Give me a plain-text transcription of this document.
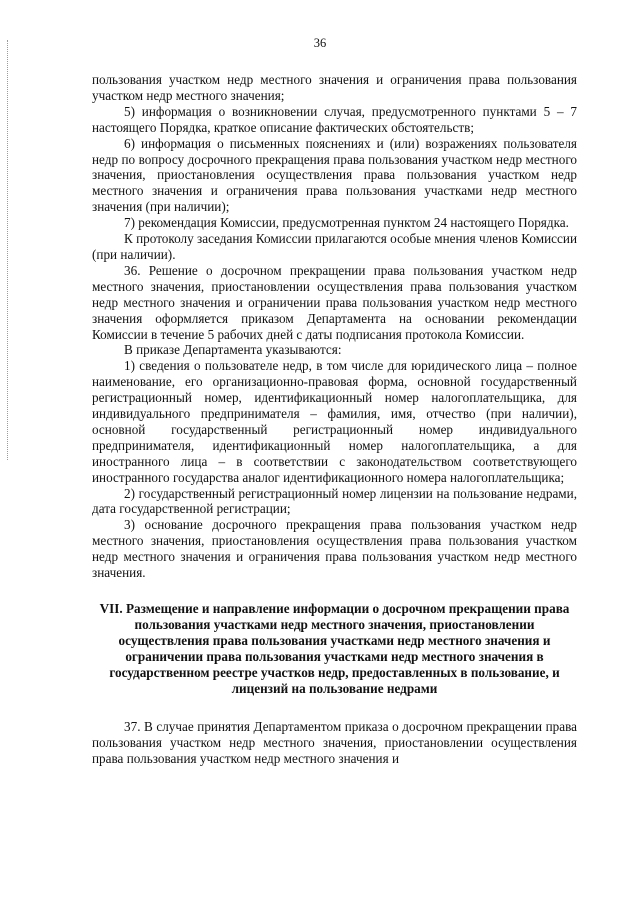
36

пользования участком недр местного значения и ограничения права пользования участком недр местного значения;

5) информация о возникновении случая, предусмотренного пунктами 5 – 7 настоящего Порядка, краткое описание фактических обстоятельств;

6) информация о письменных пояснениях и (или) возражениях пользователя недр по вопросу досрочного прекращения права пользования участком недр местного значения, приостановления осуществления права пользования участком недр местного значения и ограничения права пользования участками недр местного значения (при наличии);

7) рекомендация Комиссии, предусмотренная пунктом 24 настоящего Порядка.

К протоколу заседания Комиссии прилагаются особые мнения членов Комиссии (при наличии).

36. Решение о досрочном прекращении права пользования участком недр местного значения, приостановлении осуществления права пользования участком недр местного значения и ограничении права пользования участком недр местного значения оформляется приказом Департамента на основании рекомендации Комиссии в течение 5 рабочих дней с даты подписания протокола Комиссии.

В приказе Департамента указываются:

1) сведения о пользователе недр, в том числе для юридического лица – полное наименование, его организационно-правовая форма, основной государственный регистрационный номер, идентификационный номер налогоплательщика, для индивидуального предпринимателя – фамилия, имя, отчество (при наличии), основной государственный регистрационный номер индивидуального предпринимателя, идентификационный номер налогоплательщика, а для иностранного лица – в соответствии с законодательством соответствующего иностранного государства аналог идентификационного номера налогоплательщика;

2) государственный регистрационный номер лицензии на пользование недрами, дата государственной регистрации;

3) основание досрочного прекращения права пользования участком недр местного значения, приостановления осуществления права пользования участком недр местного значения и ограничения права пользования участком недр местного значения.

VII. Размещение и направление информации о досрочном прекращении права пользования участками недр местного значения, приостановлении осуществления права пользования участками недр местного значения и ограничении права пользования участками недр местного значения в государственном реестре участков недр, предоставленных в пользование, и лицензий на пользование недрами

37. В случае принятия Департаментом приказа о досрочном прекращении права пользования участком недр местного значения, приостановлении осуществления права пользования участком недр местного значения и
